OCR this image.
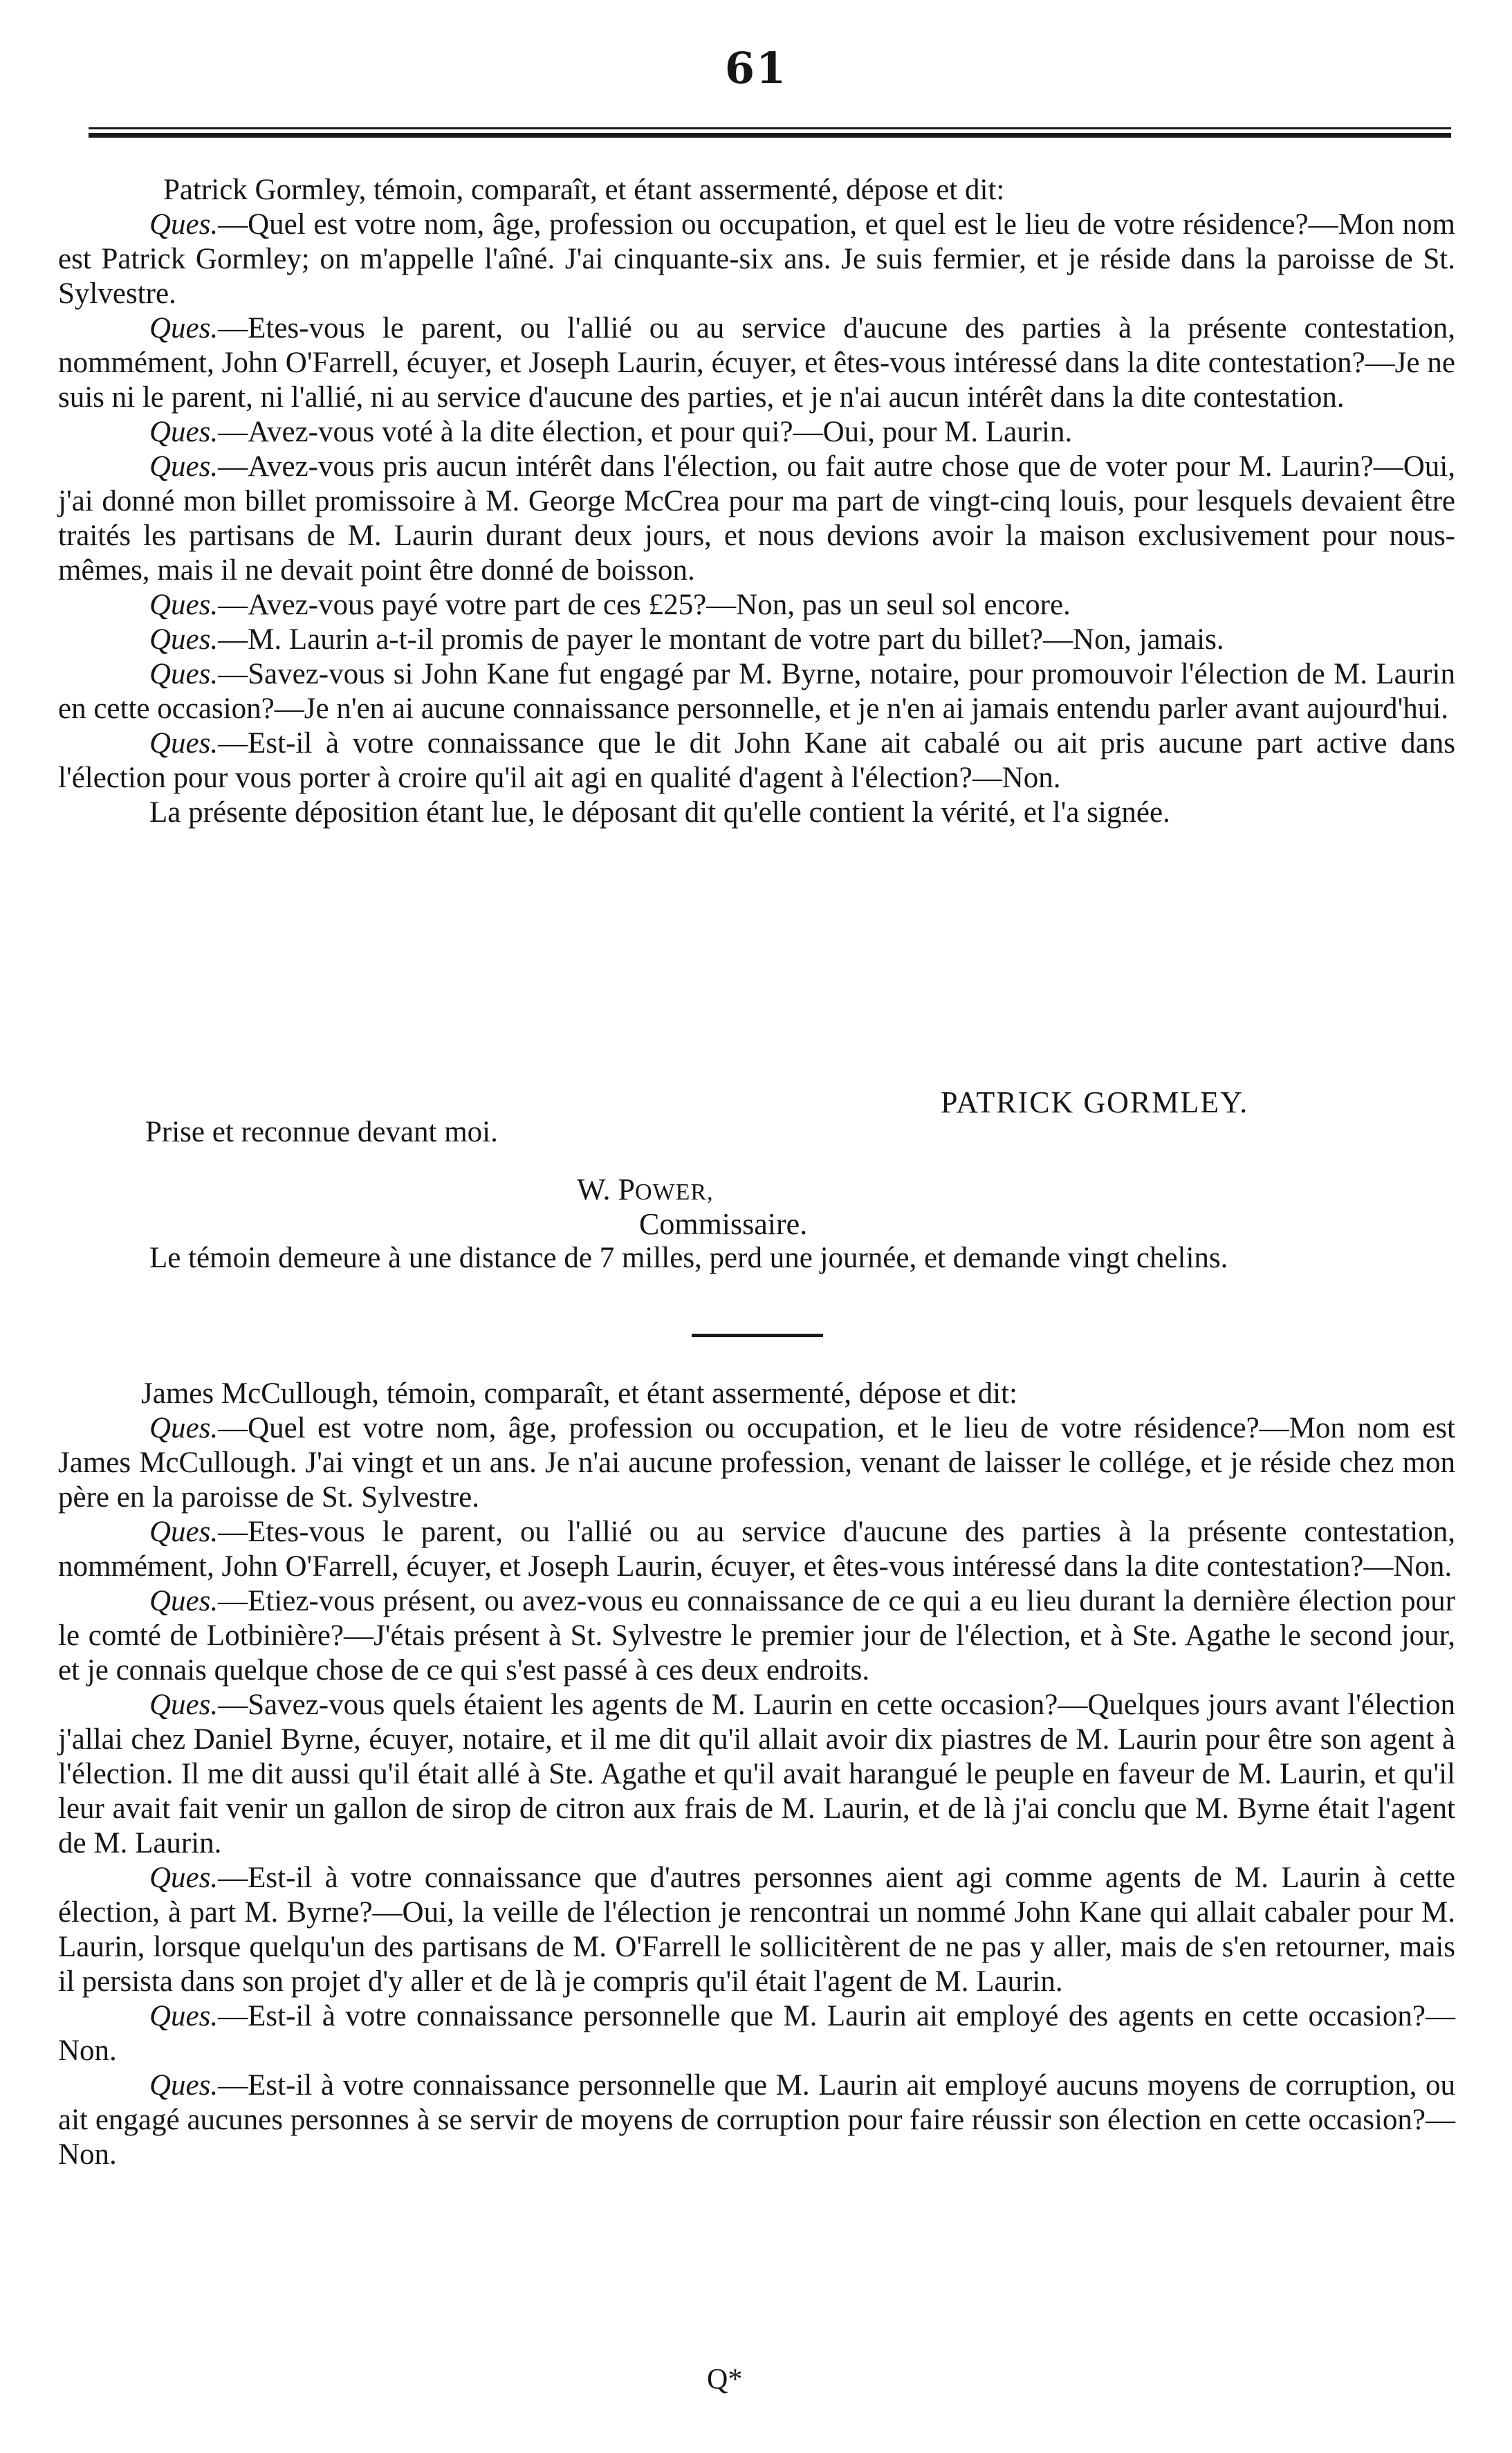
61

Patrick Gormley, témoin, comparaît, et étant assermenté, dépose et dit:

Ques.—Quel est votre nom, âge, profession ou occupation, et quel est le lieu de votre résidence?—Mon nom est Patrick Gormley; on m'appelle l'aîné. J'ai cinquante-six ans. Je suis fermier, et je réside dans la paroisse de St. Sylvestre.

Ques.—Etes-vous le parent, ou l'allié ou au service d'aucune des parties à la présente contestation, nommément, John O'Farrell, écuyer, et Joseph Laurin, écuyer, et êtes-vous intéressé dans la dite contestation?—Je ne suis ni le parent, ni l'allié, ni au service d'aucune des parties, et je n'ai aucun intérêt dans la dite contestation.

Ques.—Avez-vous voté à la dite élection, et pour qui?—Oui, pour M. Laurin.

Ques.—Avez-vous pris aucun intérêt dans l'élection, ou fait autre chose que de voter pour M. Laurin?—Oui, j'ai donné mon billet promissoire à M. George McCrea pour ma part de vingt-cinq louis, pour lesquels devaient être traités les partisans de M. Laurin durant deux jours, et nous devions avoir la maison exclusivement pour nous-mêmes, mais il ne devait point être donné de boisson.

Ques.—Avez-vous payé votre part de ces £25?—Non, pas un seul sol encore.

Ques.—M. Laurin a-t-il promis de payer le montant de votre part du billet?—Non, jamais.

Ques.—Savez-vous si John Kane fut engagé par M. Byrne, notaire, pour promouvoir l'élection de M. Laurin en cette occasion?—Je n'en ai aucune connaissance personnelle, et je n'en ai jamais entendu parler avant aujourd'hui.

Ques.—Est-il à votre connaissance que le dit John Kane ait cabalé ou ait pris aucune part active dans l'élection pour vous porter à croire qu'il ait agi en qualité d'agent à l'élection?—Non.

La présente déposition étant lue, le déposant dit qu'elle contient la vérité, et l'a signée.

PATRICK GORMLEY.
Prise et reconnue devant moi.
W. POWER,
Commissaire.

Le témoin demeure à une distance de 7 milles, perd une journée, et demande vingt chelins.

James McCullough, témoin, comparaît, et étant assermenté, dépose et dit:

Ques.—Quel est votre nom, âge, profession ou occupation, et le lieu de votre résidence?—Mon nom est James McCullough. J'ai vingt et un ans. Je n'ai aucune profession, venant de laisser le collége, et je réside chez mon père en la paroisse de St. Sylvestre.

Ques.—Etes-vous le parent, ou l'allié ou au service d'aucune des parties à la présente contestation, nommément, John O'Farrell, écuyer, et Joseph Laurin, écuyer, et êtes-vous intéressé dans la dite contestation?—Non.

Ques.—Etiez-vous présent, ou avez-vous eu connaissance de ce qui a eu lieu durant la dernière élection pour le comté de Lotbinière?—J'étais présent à St. Sylvestre le premier jour de l'élection, et à Ste. Agathe le second jour, et je connais quelque chose de ce qui s'est passé à ces deux endroits.

Ques.—Savez-vous quels étaient les agents de M. Laurin en cette occasion?—Quelques jours avant l'élection j'allai chez Daniel Byrne, écuyer, notaire, et il me dit qu'il allait avoir dix piastres de M. Laurin pour être son agent à l'élection. Il me dit aussi qu'il était allé à Ste. Agathe et qu'il avait harangué le peuple en faveur de M. Laurin, et qu'il leur avait fait venir un gallon de sirop de citron aux frais de M. Laurin, et de là j'ai conclu que M. Byrne était l'agent de M. Laurin.

Ques.—Est-il à votre connaissance que d'autres personnes aient agi comme agents de M. Laurin à cette élection, à part M. Byrne?—Oui, la veille de l'élection je rencontrai un nommé John Kane qui allait cabaler pour M. Laurin, lorsque quelqu'un des partisans de M. O'Farrell le sollicitèrent de ne pas y aller, mais de s'en retourner, mais il persista dans son projet d'y aller et de là je compris qu'il était l'agent de M. Laurin.

Ques.—Est-il à votre connaissance personnelle que M. Laurin ait employé des agents en cette occasion?—Non.

Ques.—Est-il à votre connaissance personnelle que M. Laurin ait employé aucuns moyens de corruption, ou ait engagé aucunes personnes à se servir de moyens de corruption pour faire réussir son élection en cette occasion?—Non.

Q*
